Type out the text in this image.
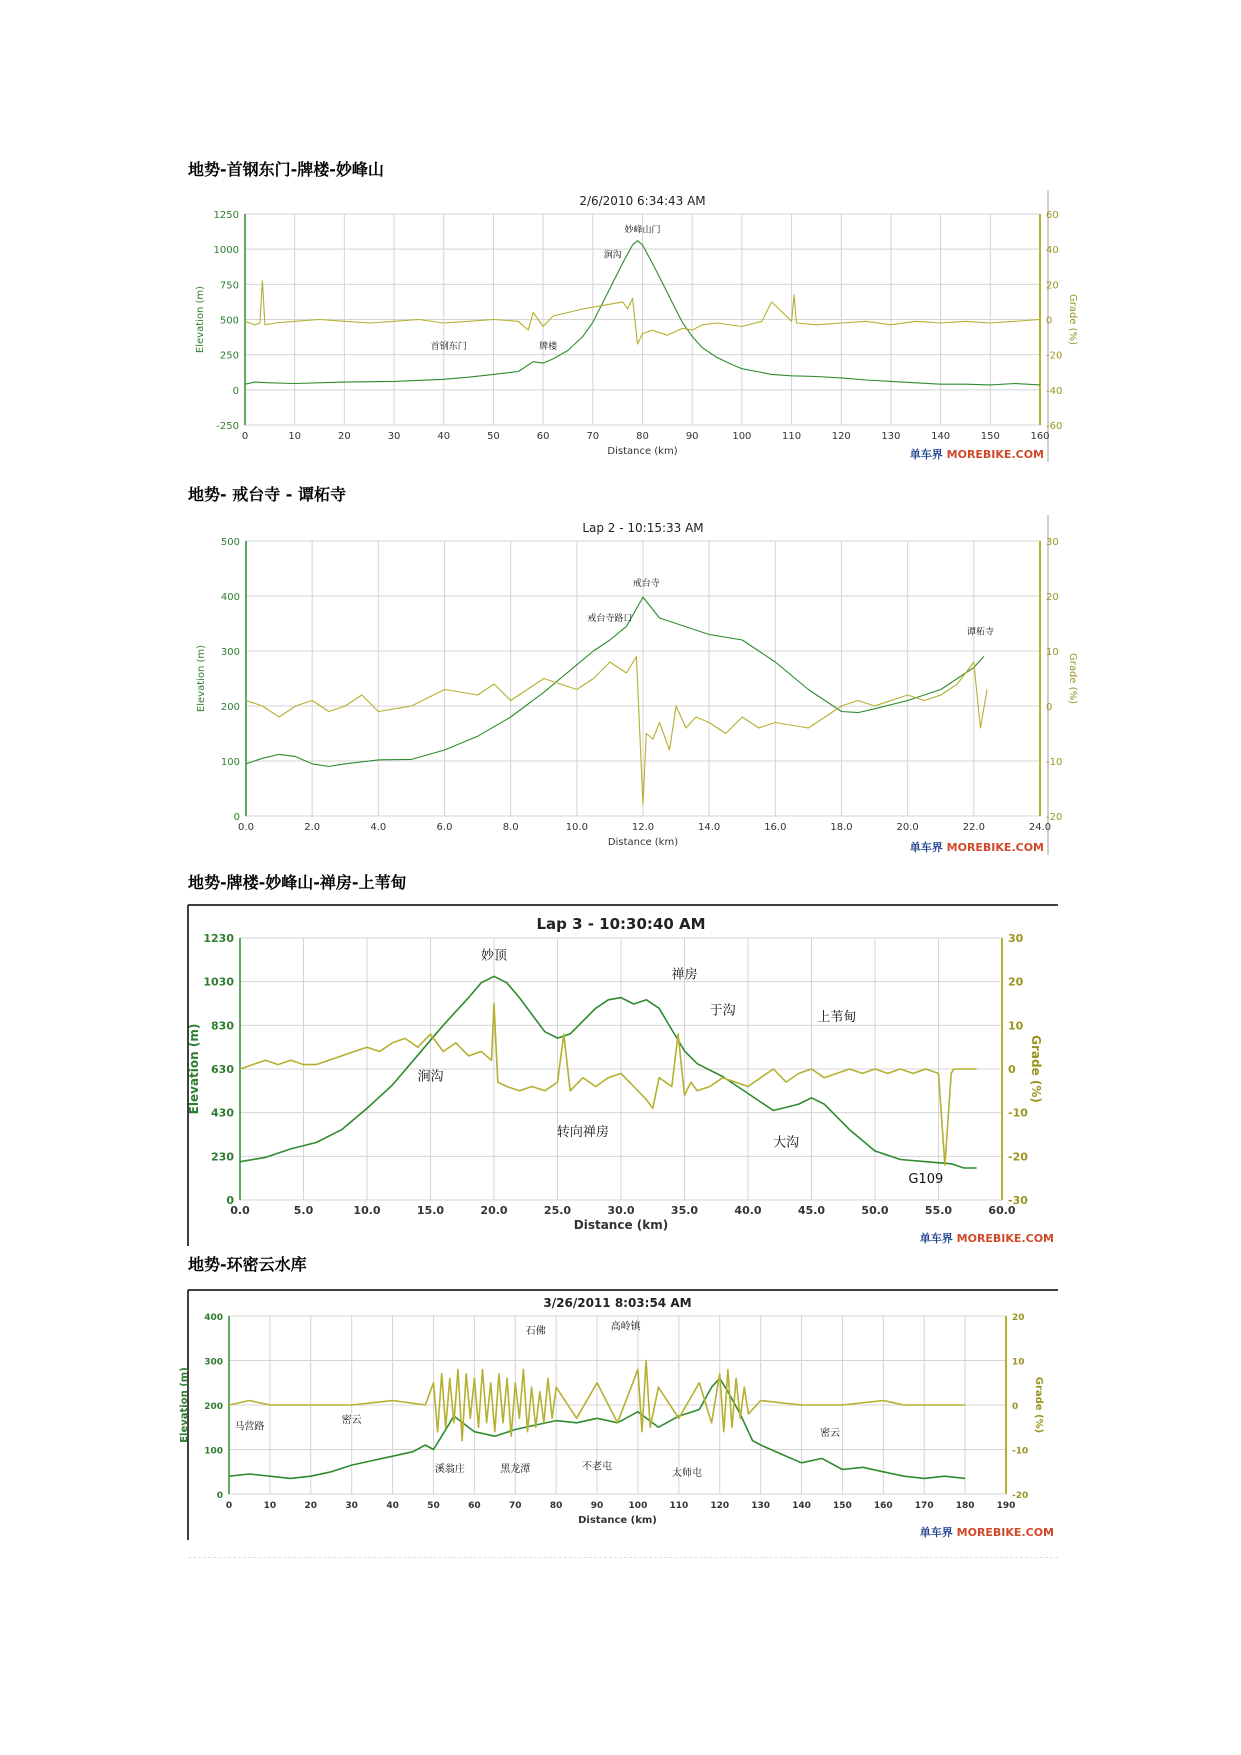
地势-首钢东门-牌楼-妙峰山
地势- 戒台寺 - 谭柘寺
地势-牌楼-妙峰山-禅房-上苇甸
地势-环密云水库
0	10	20	30	40	50	60	70	80	90	100	110	120	130	140	150	160
1250
1000
750
500
250
0
-250
60
40
20
0
-20
-40
-60
2/6/2010 6:34:43 AM
Distance (km)
Elevation (m)	Grade (%)
妙峰山门
涧沟
首钢东门	牌楼
单车界 MOREBIKE.COM
0.0	2.0	4.0	6.0	8.0	10.0	12.0	14.0	16.0	18.0	20.0	22.0	24.0
500
400
300
200
100
0
30
20
10
0
-10
-20
Lap 2 - 10:15:33 AM
Distance (km)
Elevation (m)	Grade (%)
戒台寺
戒台寺路口
谭柘寺
单车界 MOREBIKE.COM
0.0	5.0	10.0	15.0	20.0	25.0	30.0	35.0	40.0	45.0	50.0	55.0	60.0
1230
1030
830
630
430
230
0
30
20
10
0
-10
-20
-30
Lap 3 - 10:30:40 AM
Distance (km)
Elevation (m)	Grade (%)
妙顶
禅房
于沟	上苇甸
涧沟
转向禅房
大沟
G109
单车界 MOREBIKE.COM
0	10	20	30	40	50	60	70	80	90	100 110 120 130 140 150 160 170 180 190
400
300
200
100
0
20
10
0
-10
-20
3/26/2011 8:03:54 AM
Distance (km)
Elevation (m)	Grade (%)
石佛	高岭镇
马营路
密云
溪翁庄	黑龙潭	不老屯
太师屯
密云
单车界 MOREBIKE.COM
